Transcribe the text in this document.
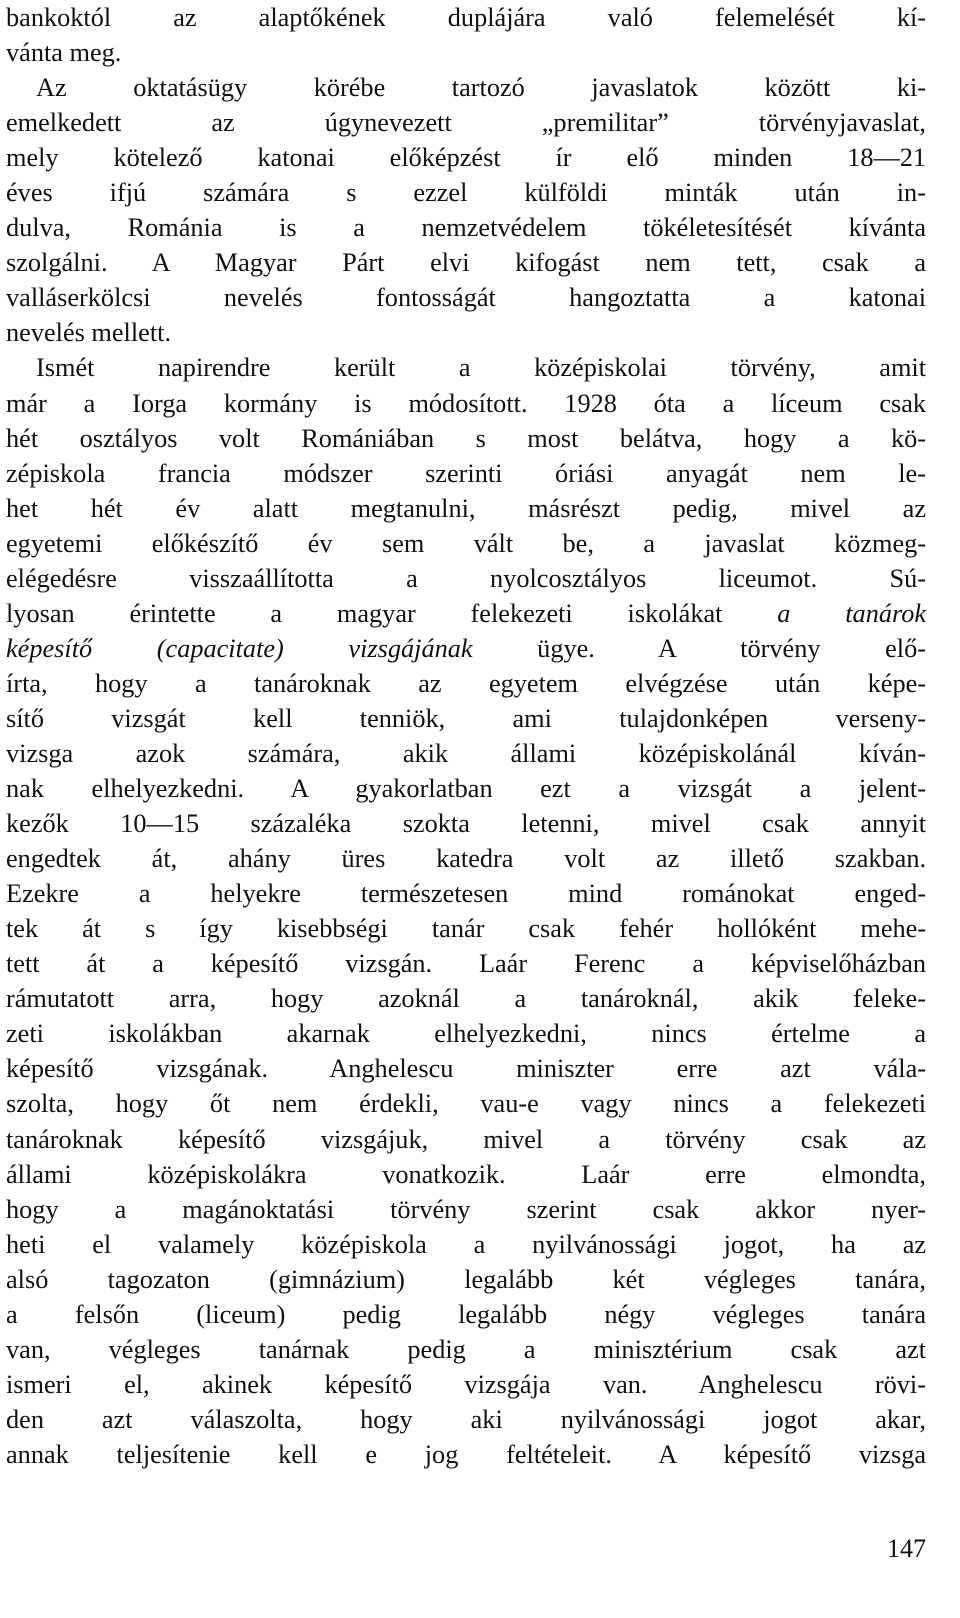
bankoktól az alaptőkének duplájára való felemelését kí-
vánta meg.
Az	oktatásügy	körébe	tartozó	javaslatok	között	ki-
emelkedett	az	úgynevezett	„premilitar”	törvényjavaslat,
mely kötelező katonai előképzést ír elő minden 18—21
éves ifjú számára s ezzel külföldi minták után in-
dulva, Románia is a nemzetvédelem tökéletesítését kívánta
szolgálni. A Magyar Párt elvi kifogást nem tett, csak a
valláserkölcsi	nevelés	fontosságát	hangoztatta	a	katonai
nevelés mellett.
Ismét napirendre került a középiskolai törvény, amit
már a Iorga kormány is módosított. 1928 óta a líceum csak
hét osztályos volt Romániában s most belátva, hogy a kö-
zépiskola francia módszer szerinti óriási anyagát nem le-
het hét év alatt megtanulni, másrészt pedig, mivel az
egyetemi előkészítő év sem vált be, a javaslat közmeg-
elégedésre	visszaállította	a	nyolcosztályos	liceumot.	Sú-
lyosan érintette a magyar felekezeti iskolákat a tanárok
képesítő (capacitate) vizsgájának ügye. A törvény elő-
írta, hogy a tanároknak az egyetem elvégzése után képe-
sítő	vizsgát	kell	tenniök,	ami	tulajdonképen	verseny-
vizsga azok számára, akik állami középiskolánál kíván-
nak elhelyezkedni. A gyakorlatban ezt a vizsgát a jelent-
kezők 10—15 százaléka szokta letenni, mivel csak annyit
engedtek át, ahány üres katedra volt az illető szakban.
Ezekre a helyekre természetesen mind románokat enged-
tek át s így kisebbségi tanár csak fehér hollóként mehe-
tett át a képesítő vizsgán. Laár Ferenc a képviselőházban
rámutatott arra, hogy azoknál a tanároknál, akik feleke-
zeti iskolákban akarnak elhelyezkedni, nincs értelme a
képesítő vizsgának. Anghelescu miniszter erre azt vála-
szolta, hogy őt nem érdekli, vau-e vagy nincs a felekezeti
tanároknak képesítő vizsgájuk, mivel a törvény csak az
állami	középiskolákra	vonatkozik.	Laár	erre	elmondta,
hogy a magánoktatási törvény szerint csak akkor nyer-
heti el valamely középiskola a nyilvánossági jogot, ha az
alsó tagozaton (gimnázium) legalább két végleges tanára,
a felsőn (liceum) pedig legalább négy végleges tanára
van, végleges tanárnak pedig a minisztérium csak azt
ismeri el, akinek képesítő vizsgája van. Anghelescu rövi-
den azt válaszolta, hogy aki nyilvánossági jogot akar,
annak teljesítenie kell e jog feltételeit. A képesítő vizsga
147
